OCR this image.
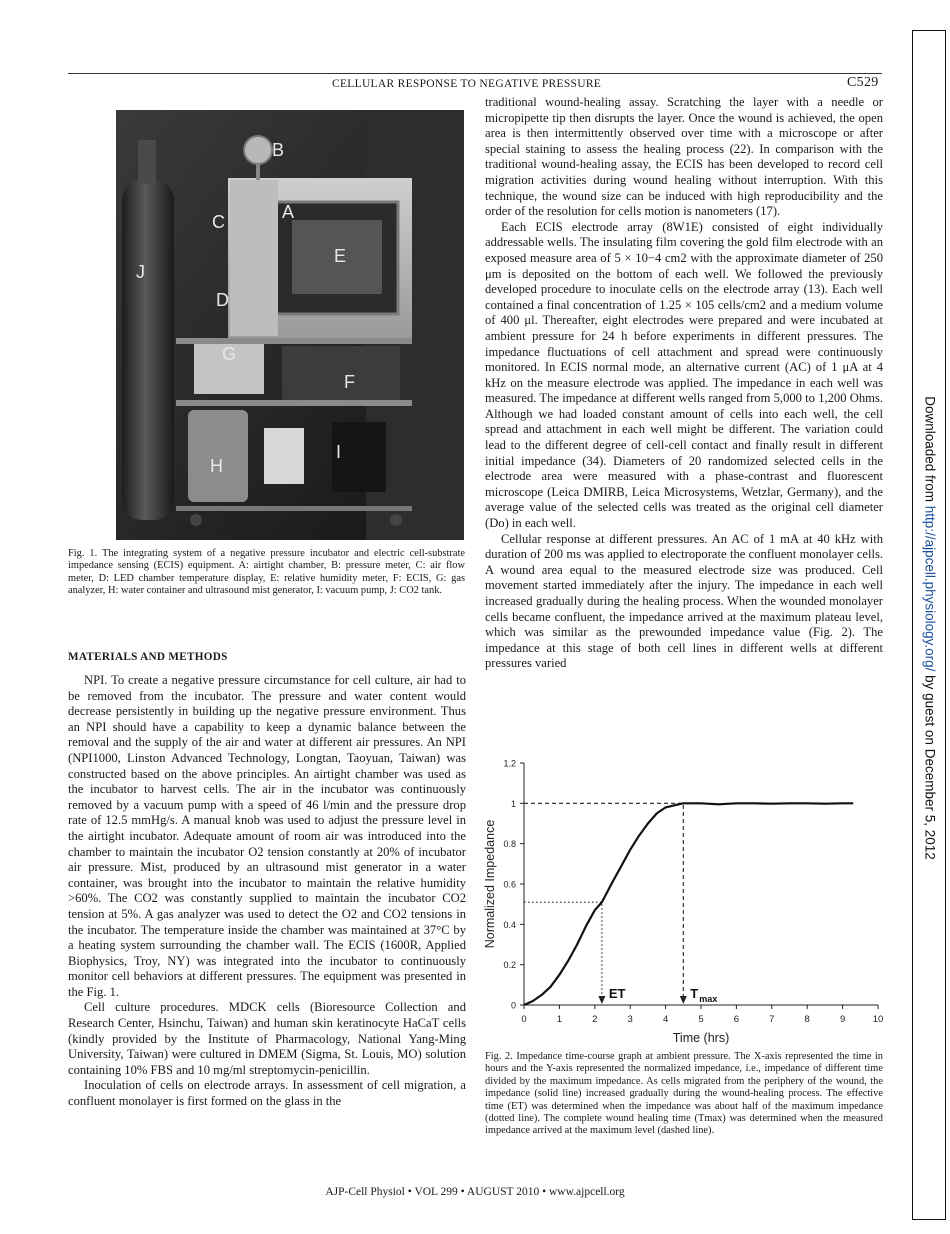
CELLULAR RESPONSE TO NEGATIVE PRESSURE	C529
B
A
C
E
J
D
G
F
I
H
Fig. 1. The integrating system of a negative pressure incubator and electric cell-substrate impedance sensing (ECIS) equipment. A: airtight chamber, B: pressure meter, C: air flow meter, D: LED chamber temperature display, E: relative humidity meter, F: ECIS, G: gas analyzer, H: water container and ultrasound mist generator, I: vacuum pump, J: CO2 tank.
MATERIALS AND METHODS

NPI. To create a negative pressure circumstance for cell culture, air had to be removed from the incubator. The pressure and water content would decrease persistently in building up the negative pressure environment. Thus an NPI should have a capability to keep a dynamic balance between the removal and the supply of the air and water at different air pressures. An NPI (NPI1000, Linston Advanced Technology, Longtan, Taoyuan, Taiwan) was constructed based on the above principles. An airtight chamber was used as the incubator to harvest cells. The air in the incubator was continuously removed by a vacuum pump with a speed of 46 l/min and the pressure drop rate of 12.5 mmHg/s. A manual knob was used to adjust the pressure level in the airtight incubator. Adequate amount of room air was introduced into the chamber to maintain the incubator O2 tension constantly at 20% of incubator air pressure. Mist, produced by an ultrasound mist generator in a water container, was brought into the incubator to maintain the relative humidity >60%. The CO2 was constantly supplied to maintain the incubator CO2 tension at 5%. A gas analyzer was used to detect the O2 and CO2 tensions in the incubator. The temperature inside the chamber was maintained at 37°C by a heating system surrounding the chamber wall. The ECIS (1600R, Applied Biophysics, Troy, NY) was integrated into the incubator to continuously monitor cell behaviors at different pressures. The equipment was presented in the Fig. 1.

Cell culture procedures. MDCK cells (Bioresource Collection and Research Center, Hsinchu, Taiwan) and human skin keratinocyte HaCaT cells (kindly provided by the Institute of Pharmacology, National Yang-Ming University, Taiwan) were cultured in DMEM (Sigma, St. Louis, MO) solution containing 10% FBS and 10 mg/ml streptomycin-penicillin.

Inoculation of cells on electrode arrays. In assessment of cell migration, a confluent monolayer is first formed on the glass in the

traditional wound-healing assay. Scratching the layer with a needle or micropipette tip then disrupts the layer. Once the wound is achieved, the open area is then intermittently observed over time with a microscope or after special staining to assess the healing process (22). In comparison with the traditional wound-healing assay, the ECIS has been developed to record cell migration activities during wound healing without interruption. With this technique, the wound size can be induced with high reproducibility and the order of the resolution for cells motion is nanometers (17).

Each ECIS electrode array (8W1E) consisted of eight individually addressable wells. The insulating film covering the gold film electrode with an exposed measure area of 5 × 10−4 cm2 with the approximate diameter of 250 μm is deposited on the bottom of each well. We followed the previously developed procedure to inoculate cells on the electrode array (13). Each well contained a final concentration of 1.25 × 105 cells/cm2 and a medium volume of 400 μl. Thereafter, eight electrodes were prepared and were incubated at ambient pressure for 24 h before experiments in different pressures. The impedance fluctuations of cell attachment and spread were continuously monitored. In ECIS normal mode, an alternative current (AC) of 1 μA at 4 kHz on the measure electrode was applied. The impedance in each well was measured. The impedance at different wells ranged from 5,000 to 1,200 Ohms. Although we had loaded constant amount of cells into each well, the cell spread and attachment in each well might be different. The variation could lead to the different degree of cell-cell contact and finally result in different initial impedance (34). Diameters of 20 randomized selected cells in the electrode area were measured with a phase-contrast and fluorescent microscope (Leica DMIRB, Leica Microsystems, Wetzlar, Germany), and the average value of the selected cells was treated as the original cell diameter (Do) in each well.

Cellular response at different pressures. An AC of 1 mA at 40 kHz with duration of 200 ms was applied to electroporate the confluent monolayer cells. A wound area equal to the measured electrode size was produced. Cell movement started immediately after the injury. The impedance in each well increased gradually during the healing process. When the wounded monolayer cells became confluent, the impedance arrived at the maximum plateau level, which was similar as the prewounded impedance value (Fig. 2). The impedance at this stage of both cell lines in different wells at different pressures varied

0
0.2
0.4
0.6
0.8
1
1.2
0	1	2	3	4	5	6	7	8	9	10
Time (hrs)
Normalized Impedance
ET	T max
Fig. 2. Impedance time-course graph at ambient pressure. The X-axis represented the time in hours and the Y-axis represented the normalized impedance, i.e., impedance of different time divided by the maximum impedance. As cells migrated from the periphery of the wound, the impedance (solid line) increased gradually during the wound-healing process. The effective time (ET) was determined when the impedance was about half of the maximum impedance (dotted line). The complete wound healing time (Tmax) was determined when the measured impedance arrived at the maximum level (dashed line).
AJP-Cell Physiol • VOL 299 • AUGUST 2010 • www.ajpcell.org
Downloaded from http://ajpcell.physiology.org/ by guest on December 5, 2012
